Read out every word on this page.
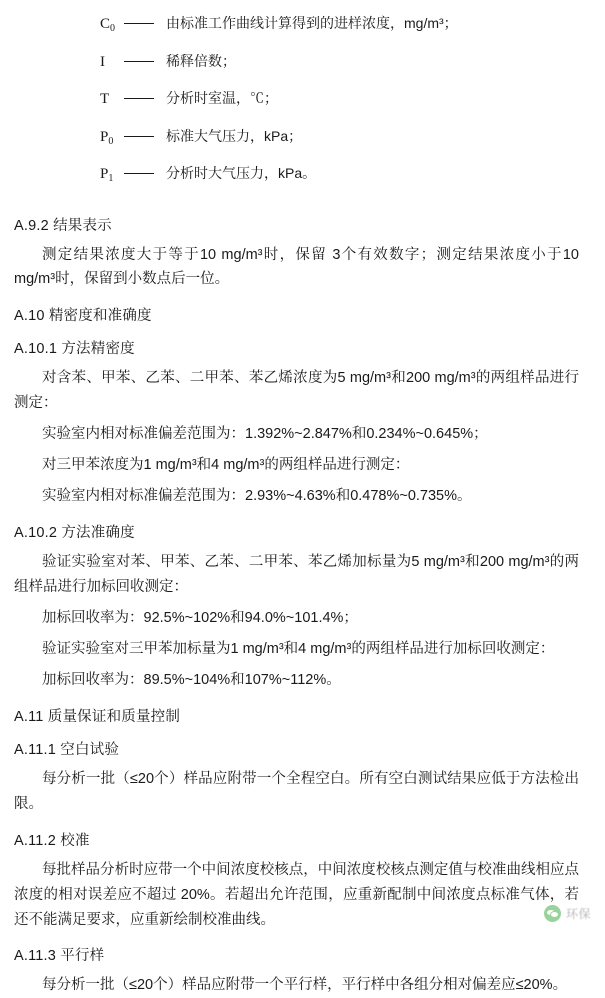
$C_0$	由标准工作曲线计算得到的进样浓度，mg/m³；
I	稀释倍数；
T	分析时室温，℃；
$P_0$	标准大气压力，kPa；
$P_1$	分析时大气压力，kPa。
A.9.2 结果表示
测定结果浓度大于等于10 mg/m³时，保留 3个有效数字；测定结果浓度小于10 mg/m³时，保留到小数点后一位。
A.10 精密度和准确度
A.10.1 方法精密度
对含苯、甲苯、乙苯、二甲苯、苯乙烯浓度为5 mg/m³和200 mg/m³的两组样品进行测定：
实验室内相对标准偏差范围为：1.392%~2.847%和0.234%~0.645%；
对三甲苯浓度为1 mg/m³和4 mg/m³的两组样品进行测定：
实验室内相对标准偏差范围为：2.93%~4.63%和0.478%~0.735%。
A.10.2 方法准确度
验证实验室对苯、甲苯、乙苯、二甲苯、苯乙烯加标量为5 mg/m³和200 mg/m³的两组样品进行加标回收测定：
加标回收率为：92.5%~102%和94.0%~101.4%；
验证实验室对三甲苯加标量为1 mg/m³和4 mg/m³的两组样品进行加标回收测定：
加标回收率为：89.5%~104%和107%~112%。
A.11 质量保证和质量控制
A.11.1 空白试验
每分析一批（≤20个）样品应附带一个全程空白。所有空白测试结果应低于方法检出限。
A.11.2 校准
每批样品分析时应带一个中间浓度校核点，中间浓度校核点测定值与校准曲线相应点浓度的相对误差应不超过 20%。若超出允许范围，应重新配制中间浓度点标准气体，若还不能满足要求，应重新绘制校准曲线。
A.11.3 平行样
每分析一批（≤20个）样品应附带一个平行样，平行样中各组分相对偏差应≤20%。
环保
